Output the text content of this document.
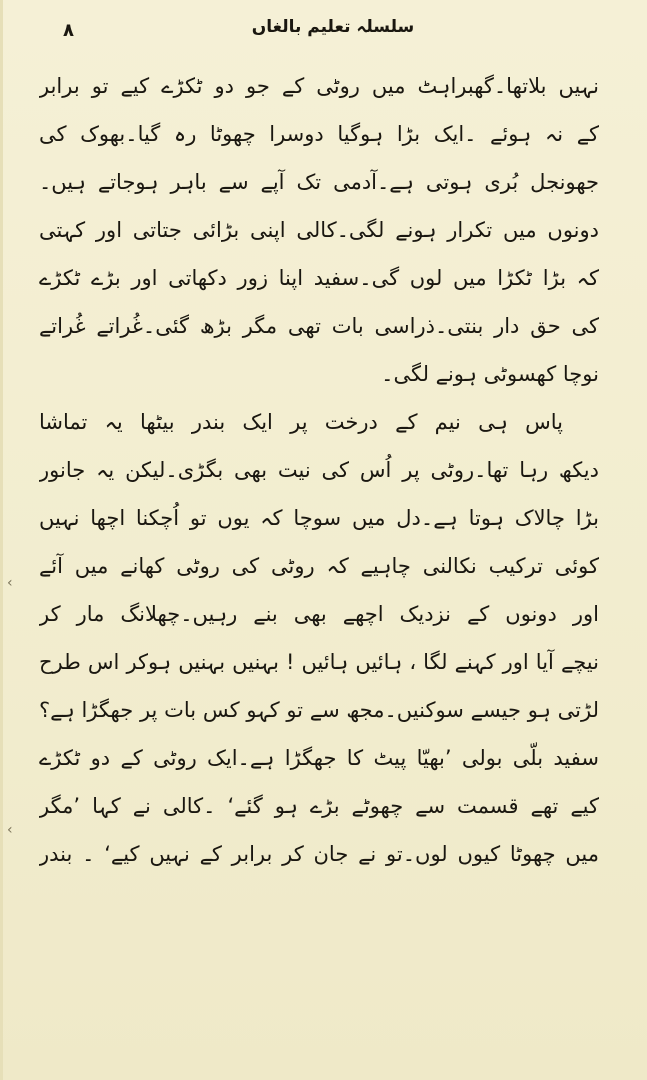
۸	سلسلہ تعلیم بالغاں
‹
‹
نہیں بلاتھا۔گھبراہٹ میں روٹی کے جو دو ٹکڑے کیے تو برابر
کے نہ ہوئے ۔ایک بڑا ہوگیا دوسرا چھوٹا رہ گیا۔بھوک کی
جھونجل بُری ہوتی ہے۔آدمی تک آپے سے باہر ہوجاتے ہیں۔
دونوں میں تکرار ہونے لگی۔کالی اپنی بڑائی جتاتی اور کہتی
کہ بڑا ٹکڑا میں لوں گی۔سفید اپنا زور دکھاتی اور بڑے ٹکڑے
کی حق دار بنتی۔ذراسی بات تھی مگر بڑھ گئی۔غُراتے غُراتے
نوچا کھسوٹی ہونے لگی۔
پاس ہی نیم کے درخت پر ایک بندر بیٹھا یہ تماشا
دیکھ رہا تھا۔روٹی پر اُس کی نیت بھی بگڑی۔لیکن یہ جانور
بڑا چالاک ہوتا ہے۔دل میں سوچا کہ یوں تو اُچکنا اچھا نہیں
کوئی ترکیب نکالنی چاہیے کہ روٹی کی روٹی کھانے میں آئے
اور دونوں کے نزدیک اچھے بھی بنے رہیں۔چھلانگ مار کر
نیچے آیا اور کہنے لگا ، ہائیں ہائیں ! بہنیں بہنیں ہوکر اس طرح
لڑتی ہو جیسے سوکنیں۔مجھ سے تو کہو کس بات پر جھگڑا ہے؟
سفید بلّی بولی ’بھیّا پیٹ کا جھگڑا ہے۔ایک روٹی کے دو ٹکڑے
کیے تھے قسمت سے چھوٹے بڑے ہو گئے‘ ۔کالی نے کہا ’مگر
میں چھوٹا کیوں لوں۔تو نے جان کر برابر کے نہیں کیے‘ ۔ بندر
